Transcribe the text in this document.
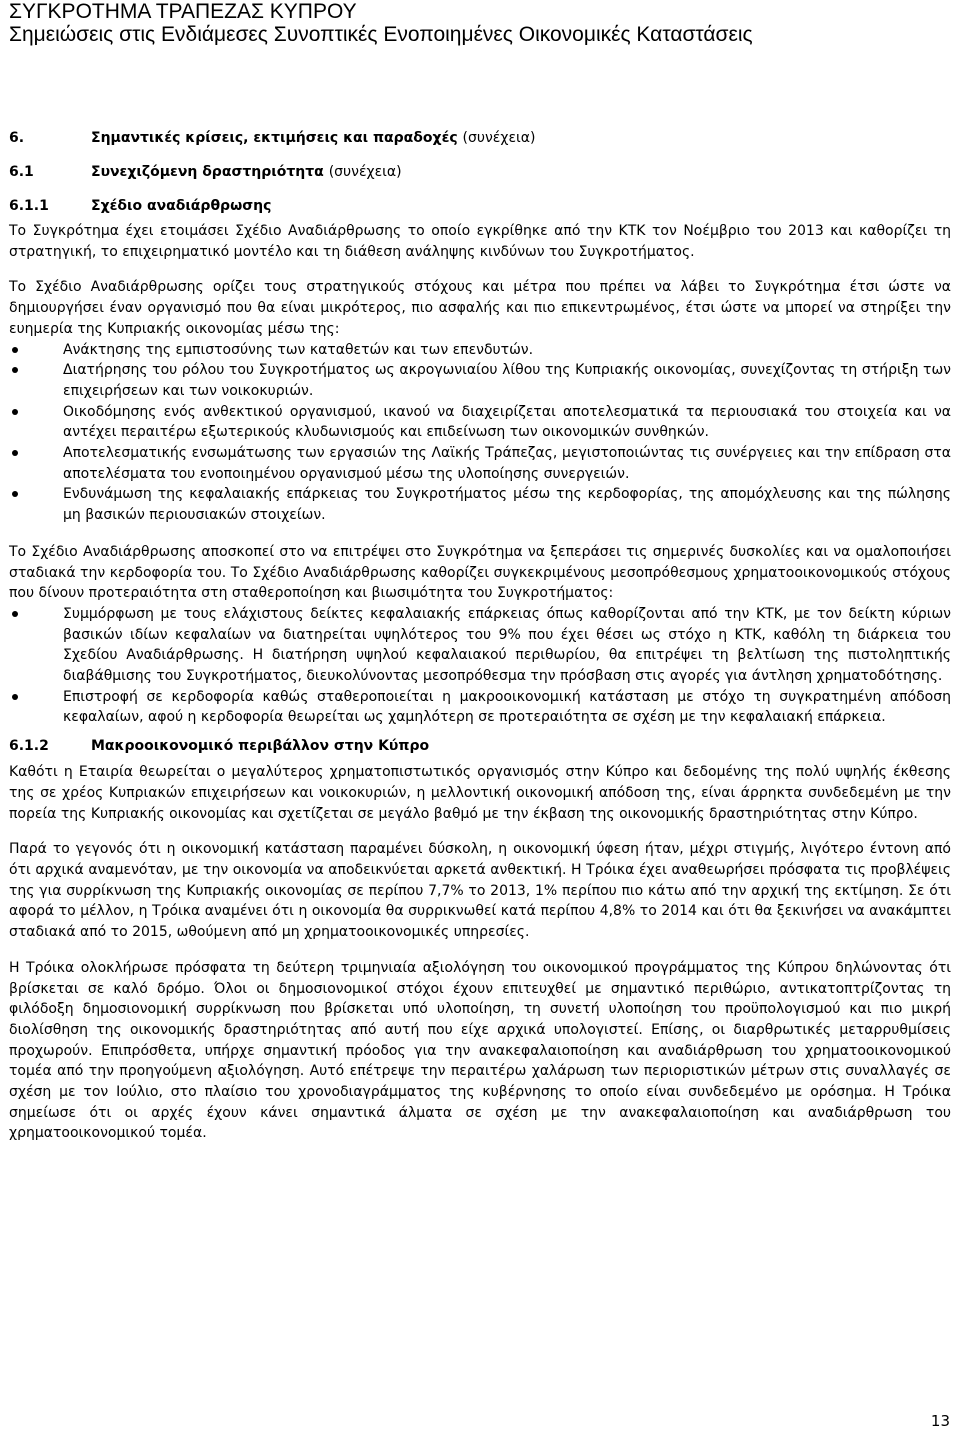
ΣΥΓΚΡΟΤΗΜΑ ΤΡΑΠΕΖΑΣ ΚΥΠΡΟΥ
Σημειώσεις στις Ενδιάμεσες Συνοπτικές Ενοποιημένες Οικονομικές Καταστάσεις
6.	Σημαντικές κρίσεις, εκτιμήσεις και παραδοχές (συνέχεια)
6.1	Συνεχιζόμενη δραστηριότητα (συνέχεια)
6.1.1	Σχέδιο αναδιάρθρωσης
Το Συγκρότημα έχει ετοιμάσει Σχέδιο Αναδιάρθρωσης το οποίο εγκρίθηκε από την ΚΤΚ τον Νοέμβριο του 2013 και καθορίζει τη στρατηγική, το επιχειρηματικό μοντέλο και τη διάθεση ανάληψης κινδύνων του Συγκροτήματος.
Το Σχέδιο Αναδιάρθρωσης ορίζει τους στρατηγικούς στόχους και μέτρα που πρέπει να λάβει το Συγκρότημα έτσι ώστε να δημιουργήσει έναν οργανισμό που θα είναι μικρότερος, πιο ασφαλής και πιο επικεντρωμένος, έτσι ώστε να μπορεί να στηρίξει την ευημερία της Κυπριακής οικονομίας μέσω της:
Ανάκτησης της εμπιστοσύνης των καταθετών και των επενδυτών.
Διατήρησης του ρόλου του Συγκροτήματος ως ακρογωνιαίου λίθου της Κυπριακής οικονομίας, συνεχίζοντας τη στήριξη των επιχειρήσεων και των νοικοκυριών.
Οικοδόμησης ενός ανθεκτικού οργανισμού, ικανού να διαχειρίζεται αποτελεσματικά τα περιουσιακά του στοιχεία και να αντέχει περαιτέρω εξωτερικούς κλυδωνισμούς και επιδείνωση των οικονομικών συνθηκών.
Αποτελεσματικής ενσωμάτωσης των εργασιών της Λαϊκής Τράπεζας, μεγιστοποιώντας τις συνέργειες και την επίδραση στα αποτελέσματα του ενοποιημένου οργανισμού μέσω της υλοποίησης συνεργειών.
Ενδυνάμωση της κεφαλαιακής επάρκειας του Συγκροτήματος μέσω της κερδοφορίας, της απομόχλευσης και της πώλησης μη βασικών περιουσιακών στοιχείων.
Το Σχέδιο Αναδιάρθρωσης αποσκοπεί στο να επιτρέψει στο Συγκρότημα να ξεπεράσει τις σημερινές δυσκολίες και να ομαλοποιήσει σταδιακά την κερδοφορία του. Το Σχέδιο Αναδιάρθρωσης καθορίζει συγκεκριμένους μεσοπρόθεσμους χρηματοοικονομικούς στόχους που δίνουν προτεραιότητα στη σταθεροποίηση και βιωσιμότητα του Συγκροτήματος:
Συμμόρφωση με τους ελάχιστους δείκτες κεφαλαιακής επάρκειας όπως καθορίζονται από την ΚΤΚ, με τον δείκτη κύριων βασικών ιδίων κεφαλαίων να διατηρείται υψηλότερος του 9% που έχει θέσει ως στόχο η ΚΤΚ, καθόλη τη διάρκεια του Σχεδίου Αναδιάρθρωσης. Η διατήρηση υψηλού κεφαλαιακού περιθωρίου, θα επιτρέψει τη βελτίωση της πιστοληπτικής διαβάθμισης του Συγκροτήματος, διευκολύνοντας μεσοπρόθεσμα την πρόσβαση στις αγορές για άντληση χρηματοδότησης.
Επιστροφή σε κερδοφορία καθώς σταθεροποιείται η μακροοικονομική κατάσταση με στόχο τη συγκρατημένη απόδοση κεφαλαίων, αφού η κερδοφορία θεωρείται ως χαμηλότερη σε προτεραιότητα σε σχέση με την κεφαλαιακή επάρκεια.
6.1.2	Μακροοικονομικό περιβάλλον στην Κύπρο
Καθότι η Εταιρία θεωρείται ο μεγαλύτερος χρηματοπιστωτικός οργανισμός στην Κύπρο και δεδομένης της πολύ υψηλής έκθεσης της σε χρέος Κυπριακών επιχειρήσεων και νοικοκυριών, η μελλοντική οικονομική απόδοση της, είναι άρρηκτα συνδεδεμένη με την πορεία της Κυπριακής οικονομίας και σχετίζεται σε μεγάλο βαθμό με την έκβαση της οικονομικής δραστηριότητας στην Κύπρο.
Παρά το γεγονός ότι η οικονομική κατάσταση παραμένει δύσκολη, η οικονομική ύφεση ήταν, μέχρι στιγμής, λιγότερο έντονη από ότι αρχικά αναμενόταν, με την οικονομία να αποδεικνύεται αρκετά ανθεκτική. Η Τρόικα έχει αναθεωρήσει πρόσφατα τις προβλέψεις της για συρρίκνωση της Κυπριακής οικονομίας σε περίπου 7,7% το 2013, 1% περίπου πιο κάτω από την αρχική της εκτίμηση. Σε ότι αφορά το μέλλον, η Τρόικα αναμένει ότι η οικονομία θα συρρικνωθεί κατά περίπου 4,8% το 2014 και ότι θα ξεκινήσει να ανακάμπτει σταδιακά από το 2015, ωθούμενη από μη χρηματοοικονομικές υπηρεσίες.
Η Τρόικα ολοκλήρωσε πρόσφατα τη δεύτερη τριμηνιαία αξιολόγηση του οικονομικού προγράμματος της Κύπρου δηλώνοντας ότι βρίσκεται σε καλό δρόμο. Όλοι οι δημοσιονομικοί στόχοι έχουν επιτευχθεί με σημαντικό περιθώριο, αντικατοπτρίζοντας τη φιλόδοξη δημοσιονομική συρρίκνωση που βρίσκεται υπό υλοποίηση, τη συνετή υλοποίηση του προϋπολογισμού και πιο μικρή διολίσθηση της οικονομικής δραστηριότητας από αυτή που είχε αρχικά υπολογιστεί. Επίσης, οι διαρθρωτικές μεταρρυθμίσεις προχωρούν. Επιπρόσθετα, υπήρχε σημαντική πρόοδος για την ανακεφαλαιοποίηση και αναδιάρθρωση του χρηματοοικονομικού τομέα από την προηγούμενη αξιολόγηση. Αυτό επέτρεψε την περαιτέρω χαλάρωση των περιοριστικών μέτρων στις συναλλαγές σε σχέση με τον Ιούλιο, στο πλαίσιο του χρονοδιαγράμματος της κυβέρνησης το οποίο είναι συνδεδεμένο με ορόσημα. Η Τρόικα σημείωσε ότι οι αρχές έχουν κάνει σημαντικά άλματα σε σχέση με την ανακεφαλαιοποίηση και αναδιάρθρωση του χρηματοοικονομικού τομέα.
13
